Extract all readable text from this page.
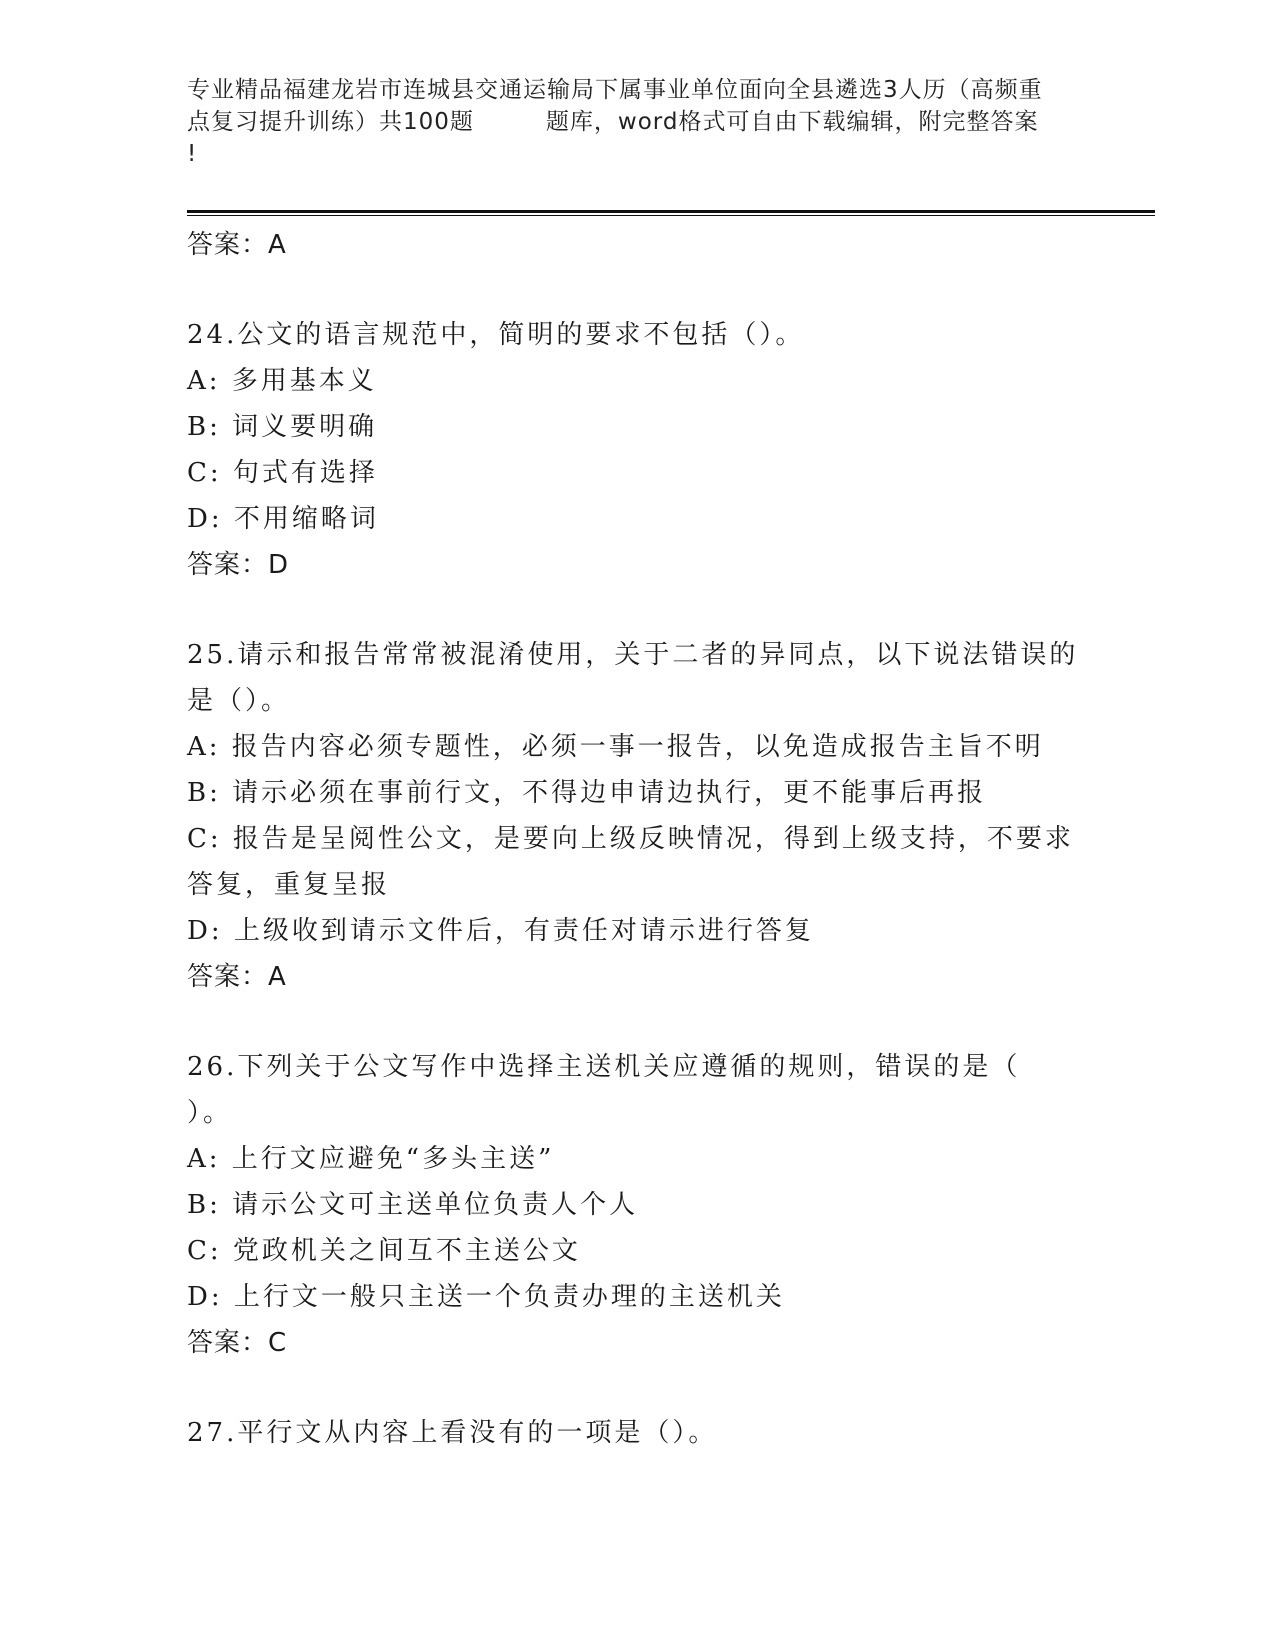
专业精品福建龙岩市连城县交通运输局下属事业单位面向全县遴选3人历（高频重
点复习提升训练）共100题	题库，word格式可自由下载编辑，附完整答案
!
答案：A
24.公文的语言规范中，简明的要求不包括（）。
A: 多用基本义
B: 词义要明确
C: 句式有选择
D: 不用缩略词
答案：D
25.请示和报告常常被混淆使用，关于二者的异同点，以下说法错误的
是（）。
A: 报告内容必须专题性，必须一事一报告，以免造成报告主旨不明
B: 请示必须在事前行文，不得边申请边执行，更不能事后再报
C: 报告是呈阅性公文，是要向上级反映情况，得到上级支持，不要求
答复，重复呈报
D: 上级收到请示文件后，有责任对请示进行答复
答案：A
26.下列关于公文写作中选择主送机关应遵循的规则，错误的是（
）。
A: 上行文应避免“多头主送”
B: 请示公文可主送单位负责人个人
C: 党政机关之间互不主送公文
D: 上行文一般只主送一个负责办理的主送机关
答案：C
27.平行文从内容上看没有的一项是（）。
